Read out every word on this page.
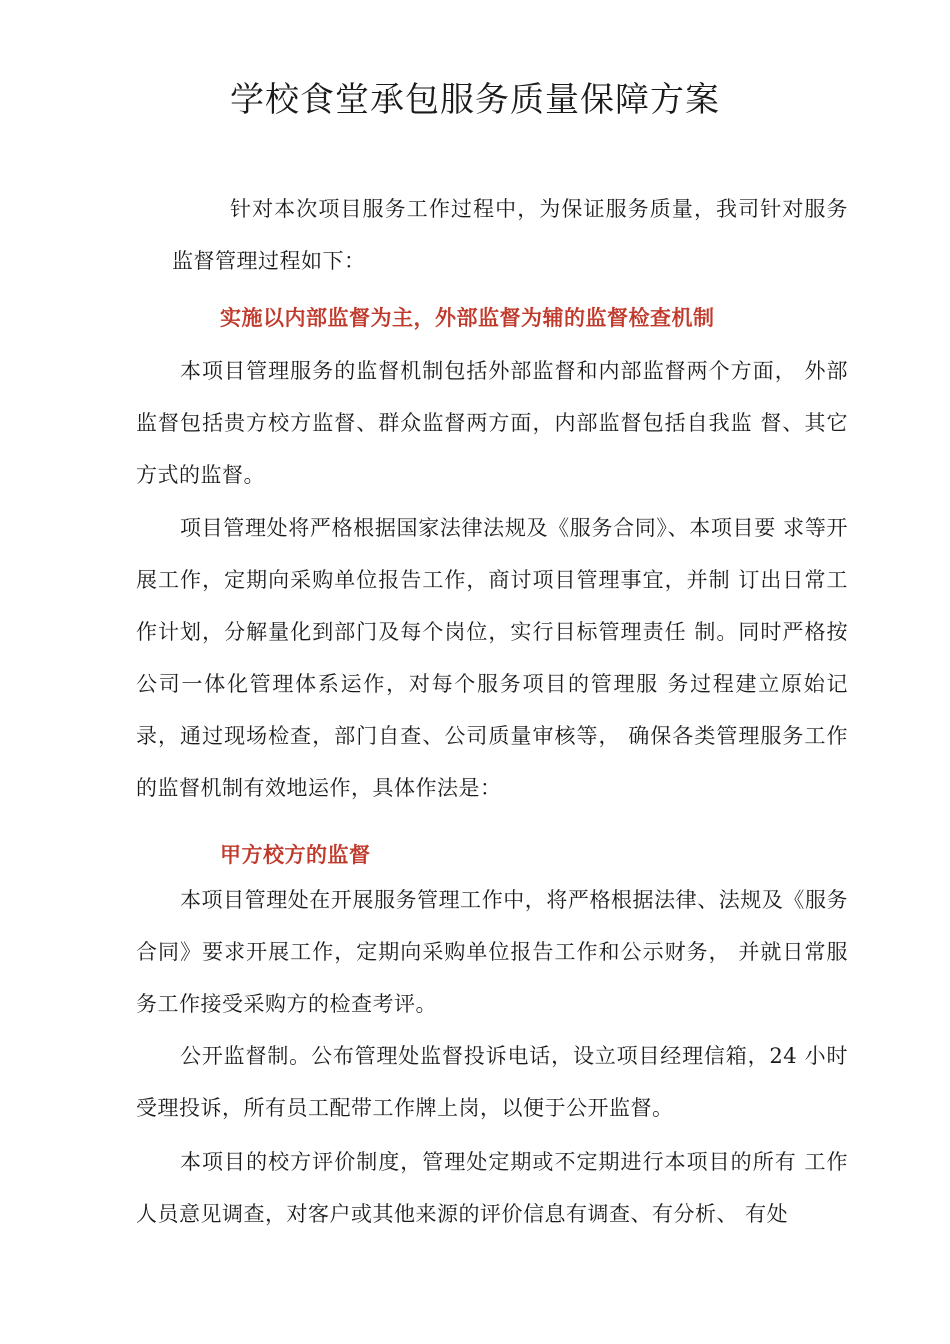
学校食堂承包服务质量保障方案

针对本次项目服务工作过程中，为保证服务质量，我司针对服务监督管理过程如下：

实施以内部监督为主，外部监督为辅的监督检查机制

本项目管理服务的监督机制包括外部监督和内部监督两个方面， 外部监督包括贵方校方监督、群众监督两方面，内部监督包括自我监 督、其它方式的监督。

项目管理处将严格根据国家法律法规及《服务合同》、本项目要 求等开展工作，定期向采购单位报告工作，商讨项目管理事宜，并制 订出日常工作计划，分解量化到部门及每个岗位，实行目标管理责任 制。同时严格按公司一体化管理体系运作，对每个服务项目的管理服 务过程建立原始记录，通过现场检查，部门自查、公司质量审核等， 确保各类管理服务工作的监督机制有效地运作，具体作法是：

甲方校方的监督

本项目管理处在开展服务管理工作中，将严格根据法律、法规及《服务合同》要求开展工作，定期向采购单位报告工作和公示财务， 并就日常服务工作接受采购方的检查考评。

公开监督制。公布管理处监督投诉电话，设立项目经理信箱，24 小时受理投诉，所有员工配带工作牌上岗，以便于公开监督。

本项目的校方评价制度，管理处定期或不定期进行本项目的所有 工作人员意见调查，对客户或其他来源的评价信息有调查、有分析、 有处
